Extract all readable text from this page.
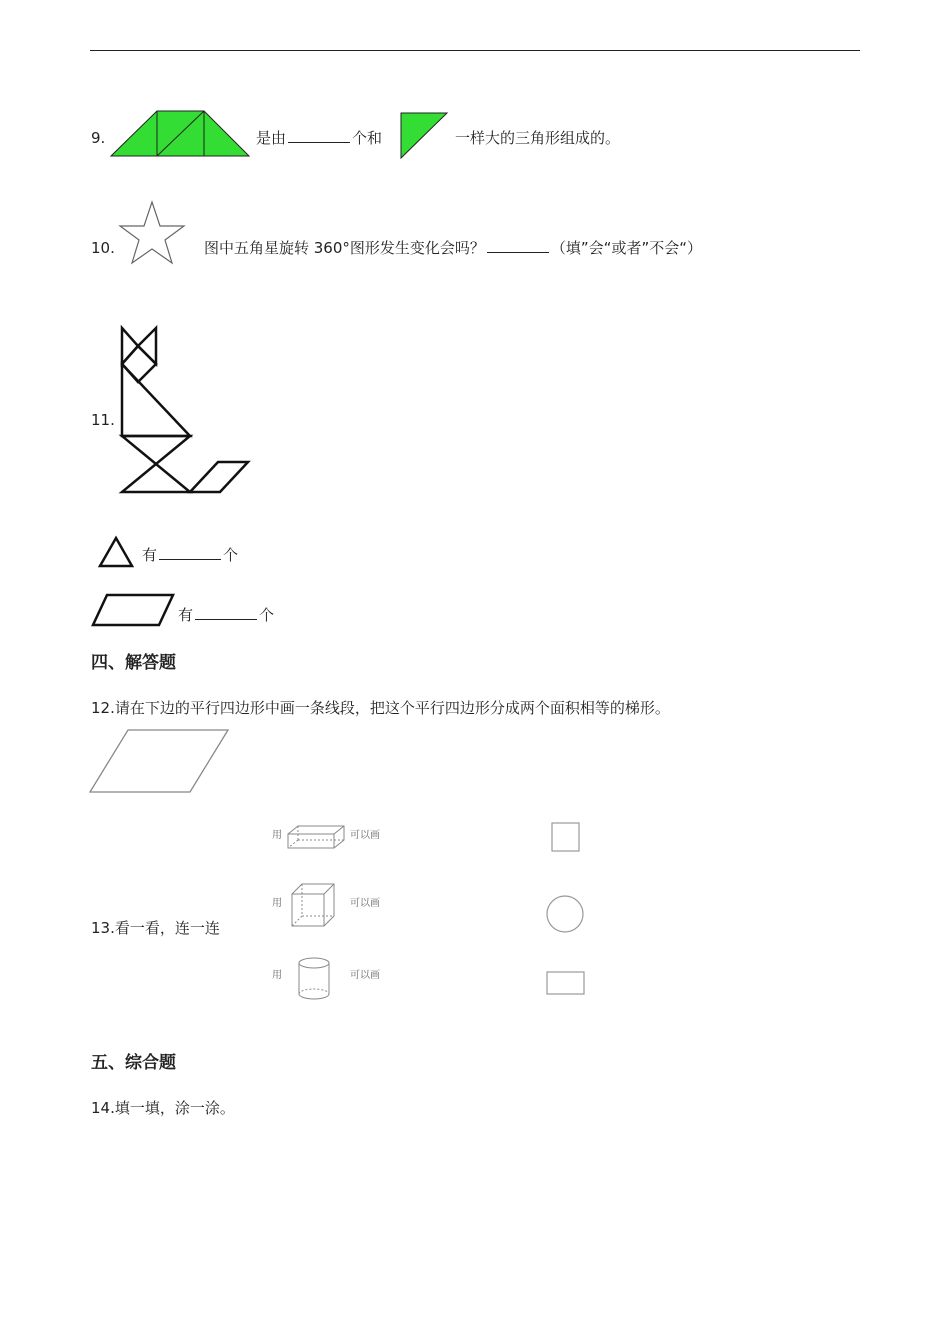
9.	是由	个和	一样大的三角形组成的。
10.	图中五角星旋转 360°图形发生变化会吗？	（填”会“或者”不会“）
11.
有	个
有	个
四、解答题
12.请在下边的平行四边形中画一条线段，把这个平行四边形分成两个面积相等的梯形。
13.看一看，连一连
用	可以画
用	可以画
用	可以画
五、综合题
14.填一填，涂一涂。
